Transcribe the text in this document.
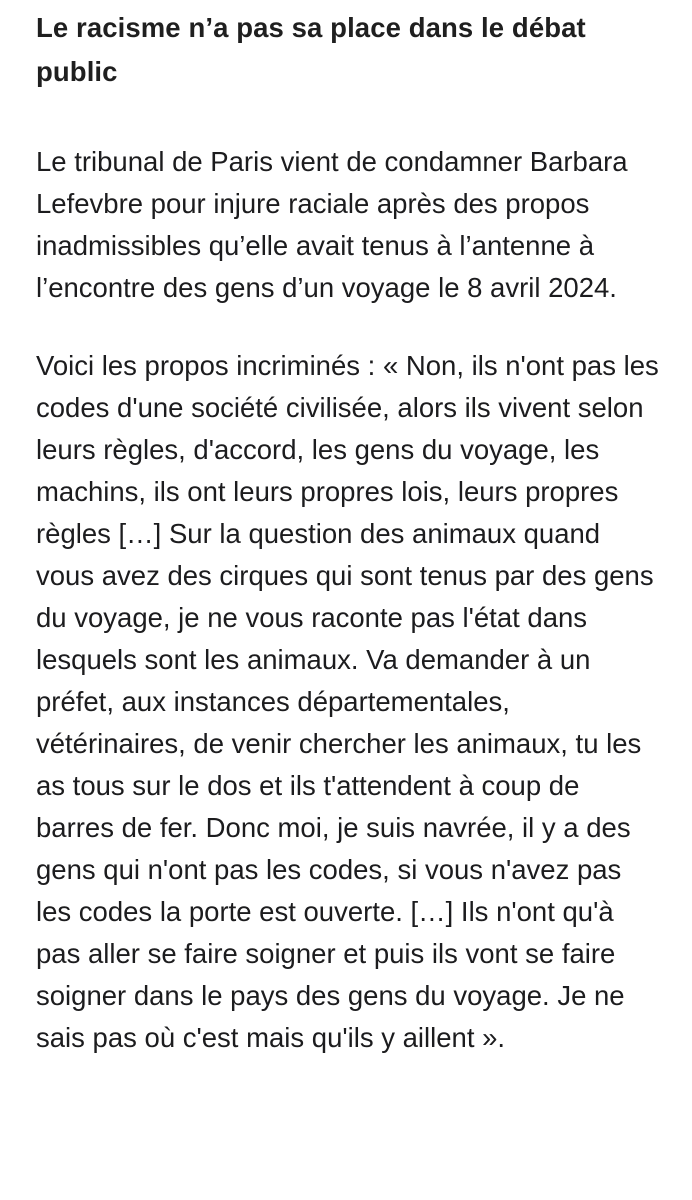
Le racisme n’a pas sa place dans le débat public

Le tribunal de Paris vient de condamner Barbara Lefevbre pour injure raciale après des propos inadmissibles qu’elle avait tenus à l’antenne à l’encontre des gens d’un voyage le 8 avril 2024.

Voici les propos incriminés : « Non, ils n'ont pas les codes d'une société civilisée, alors ils vivent selon leurs règles, d'accord, les gens du voyage, les machins, ils ont leurs propres lois, leurs propres règles […] Sur la question des animaux quand vous avez des cirques qui sont tenus par des gens du voyage, je ne vous raconte pas l'état dans lesquels sont les animaux. Va demander à un préfet, aux instances départementales, vétérinaires, de venir chercher les animaux, tu les as tous sur le dos et ils t'attendent à coup de barres de fer. Donc moi, je suis navrée, il y a des gens qui n'ont pas les codes, si vous n'avez pas les codes la porte est ouverte. […] Ils n'ont qu'à pas aller se faire soigner et puis ils vont se faire soigner dans le pays des gens du voyage. Je ne sais pas où c'est mais qu'ils y aillent ».
